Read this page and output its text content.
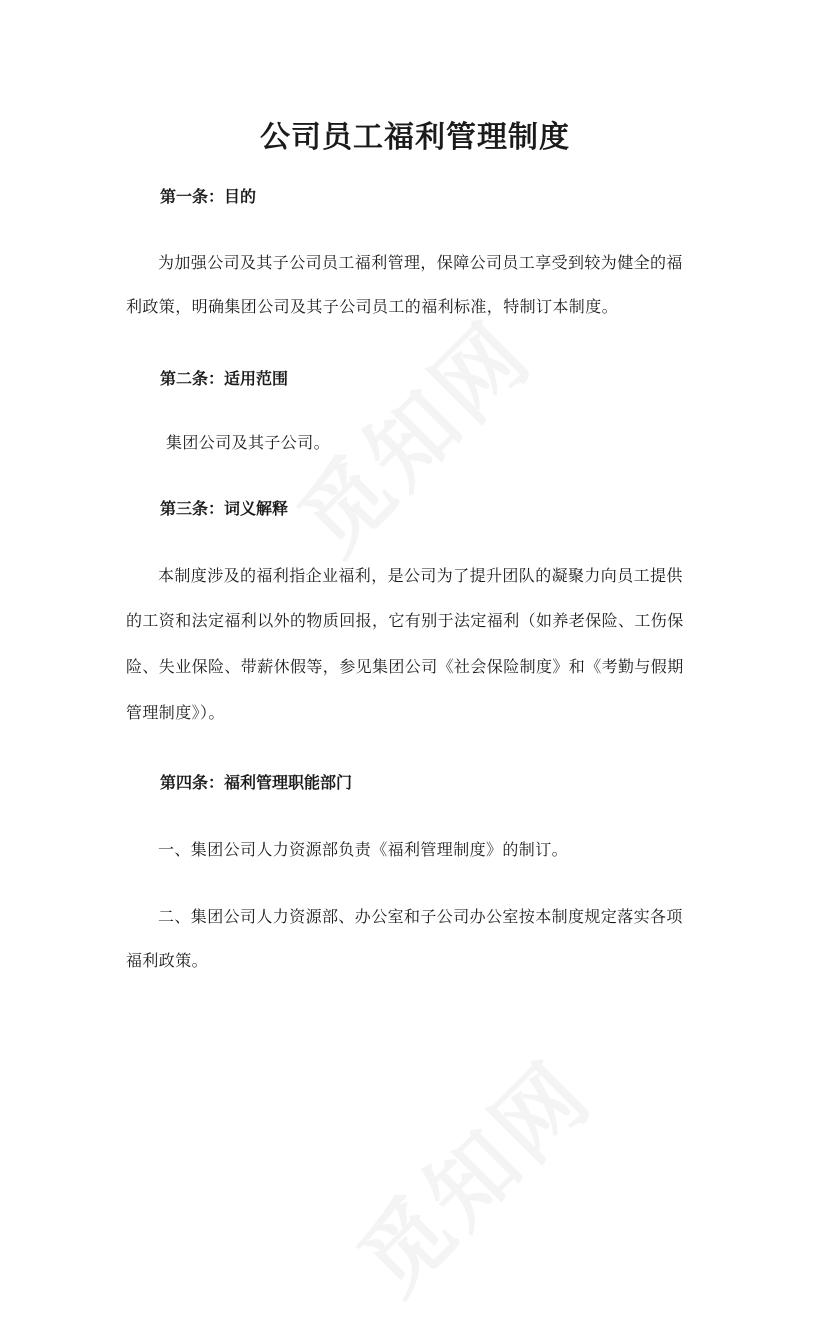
公司员工福利管理制度
第一条：目的
为加强公司及其子公司员工福利管理，保障公司员工享受到较为健全的福
利政策，明确集团公司及其子公司员工的福利标准，特制订本制度。
第二条：适用范围
集团公司及其子公司。
第三条：词义解释
本制度涉及的福利指企业福利，是公司为了提升团队的凝聚力向员工提供
的工资和法定福利以外的物质回报，它有别于法定福利（如养老保险、工伤保
险、失业保险、带薪休假等，参见集团公司《社会保险制度》和《考勤与假期
管理制度》）。
第四条：福利管理职能部门
一、集团公司人力资源部负责《福利管理制度》的制订。
二、集团公司人力资源部、办公室和子公司办公室按本制度规定落实各项
福利政策。
